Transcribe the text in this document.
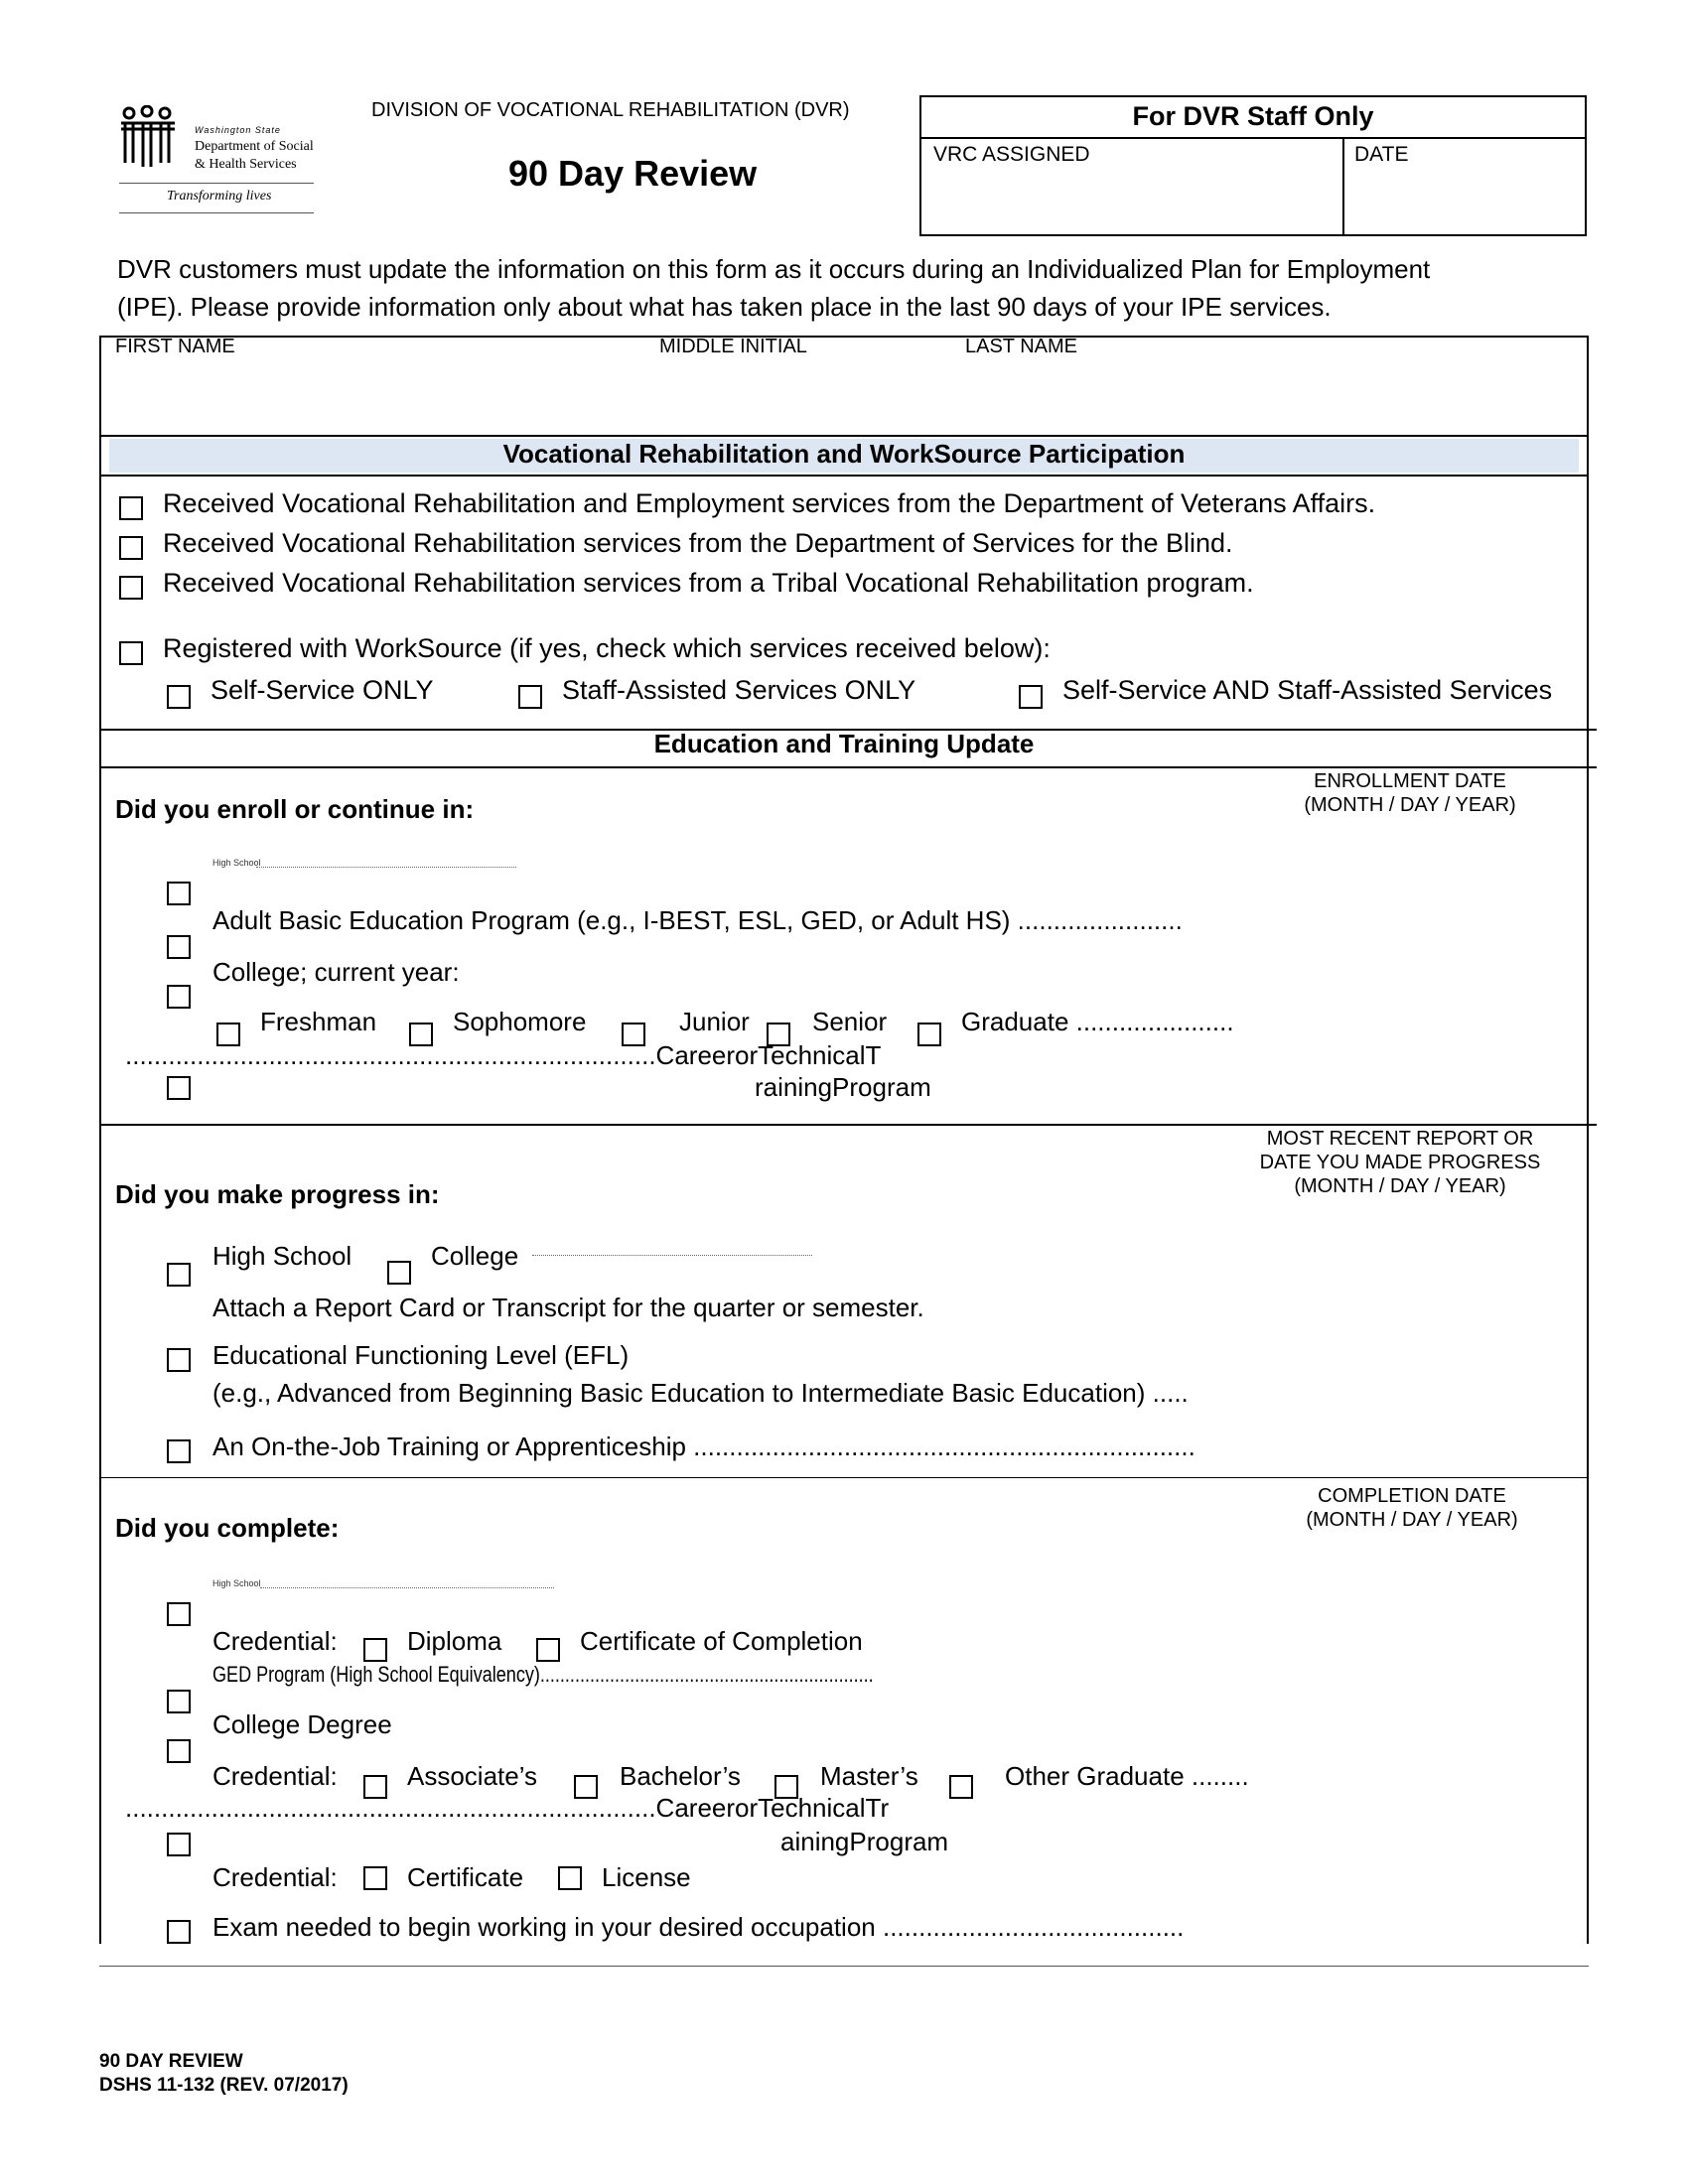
Washington State
Department of Social
& Health Services
Transforming lives
DIVISION OF VOCATIONAL REHABILITATION (DVR)
90 Day Review
For DVR Staff Only
VRC ASSIGNED	DATE
DVR customers must update the information on this form as it occurs during an Individualized Plan for Employment
(IPE). Please provide information only about what has taken place in the last 90 days of your IPE services.
FIRST NAME	MIDDLE INITIAL	LAST NAME
Vocational Rehabilitation and WorkSource Participation
Received Vocational Rehabilitation and Employment services from the Department of Veterans Affairs.
Received Vocational Rehabilitation services from the Department of Services for the Blind.
Received Vocational Rehabilitation services from a Tribal Vocational Rehabilitation program.
Registered with WorkSource (if yes, check which services received below):
Self-Service ONLY	Staff-Assisted Services ONLY	Self-Service AND Staff-Assisted Services
Education and Training Update
Did you enroll or continue in:
ENROLLMENT DATE
(MONTH / DAY / YEAR)
High School
Adult Basic Education Program (e.g., I-BEST, ESL, GED, or Adult HS) .......................
College; current year:
Freshman	Sophomore	Junior Senior	Graduate ......................
..........................................................................CareerorTechnicalT
rainingProgram
MOST RECENT REPORT OR
DATE YOU MADE PROGRESS
(MONTH / DAY / YEAR)
Did you make progress in:
High School	College
Attach a Report Card or Transcript for the quarter or semester.
Educational Functioning Level (EFL)
(e.g., Advanced from Beginning Basic Education to Intermediate Basic Education) .....
An On-the-Job Training or Apprenticeship ......................................................................
COMPLETION DATE
(MONTH / DAY / YEAR)
Did you complete:
High School
Credential:	Diploma	Certificate of Completion
GED Program (High School Equivalency)...................................................................
College Degree
Credential:	Associate’s	Bachelor’s	Master’s	Other Graduate ........
..........................................................................CareerorTechnicalTr
ainingProgram
Credential:	Certificate	License
Exam needed to begin working in your desired occupation ..........................................
90 DAY REVIEW
DSHS 11-132 (REV. 07/2017)
